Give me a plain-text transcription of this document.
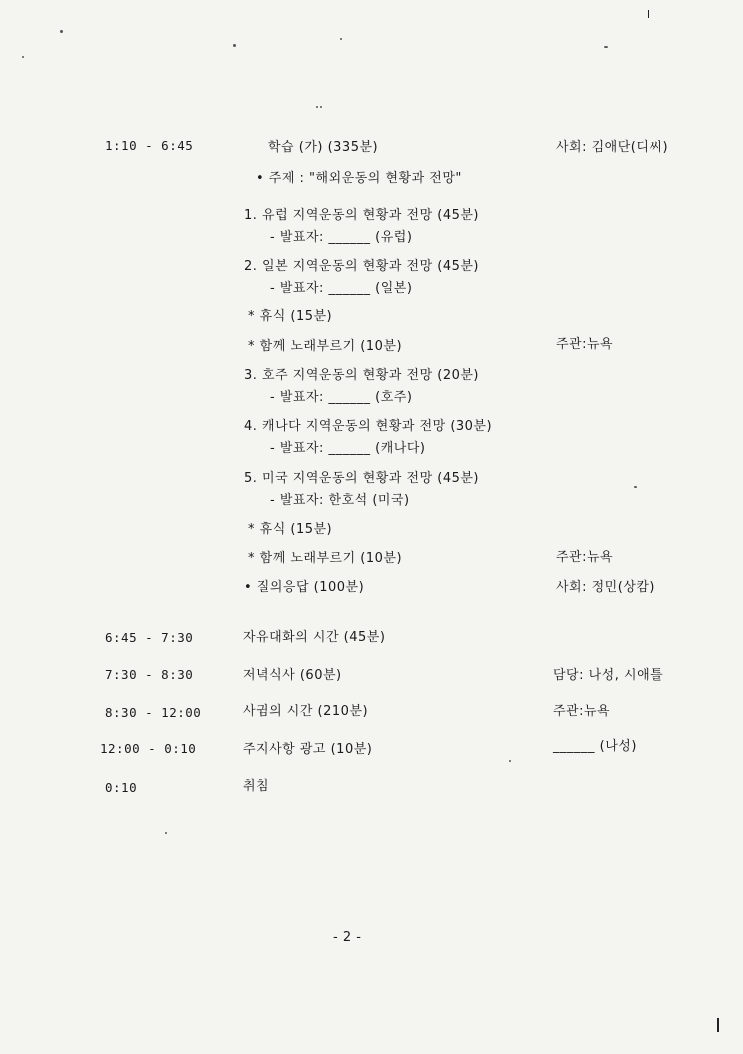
1:10 - 6:45	학습 (가) (335분)	사회: 김애단(디씨)
• 주제 : "해외운동의 현황과 전망"
1. 유럽 지역운동의 현황과 전망 (45분)
- 발표자: ______ (유럽)
2. 일본 지역운동의 현황과 전망 (45분)
- 발표자: ______ (일본)
* 휴식 (15분)
* 함께 노래부르기 (10분)	주관:뉴욕
3. 호주 지역운동의 현황과 전망 (20분)
- 발표자: ______ (호주)
4. 캐나다 지역운동의 현황과 전망 (30분)
- 발표자: ______ (캐나다)
5. 미국 지역운동의 현황과 전망 (45분)
- 발표자: 한호석 (미국)
* 휴식 (15분)
* 함께 노래부르기 (10분)	주관:뉴욕
• 질의응답 (100분)	사회: 정민(상캄)
6:45 - 7:30	자유대화의 시간 (45분)
7:30 - 8:30	저녁식사 (60분)	담당: 나성, 시애틀
8:30 - 12:00	사귐의 시간 (210분)	주관:뉴욕
12:00 - 0:10	주지사항 광고 (10분)	______ (나성)
0:10	취침
- 2 -
